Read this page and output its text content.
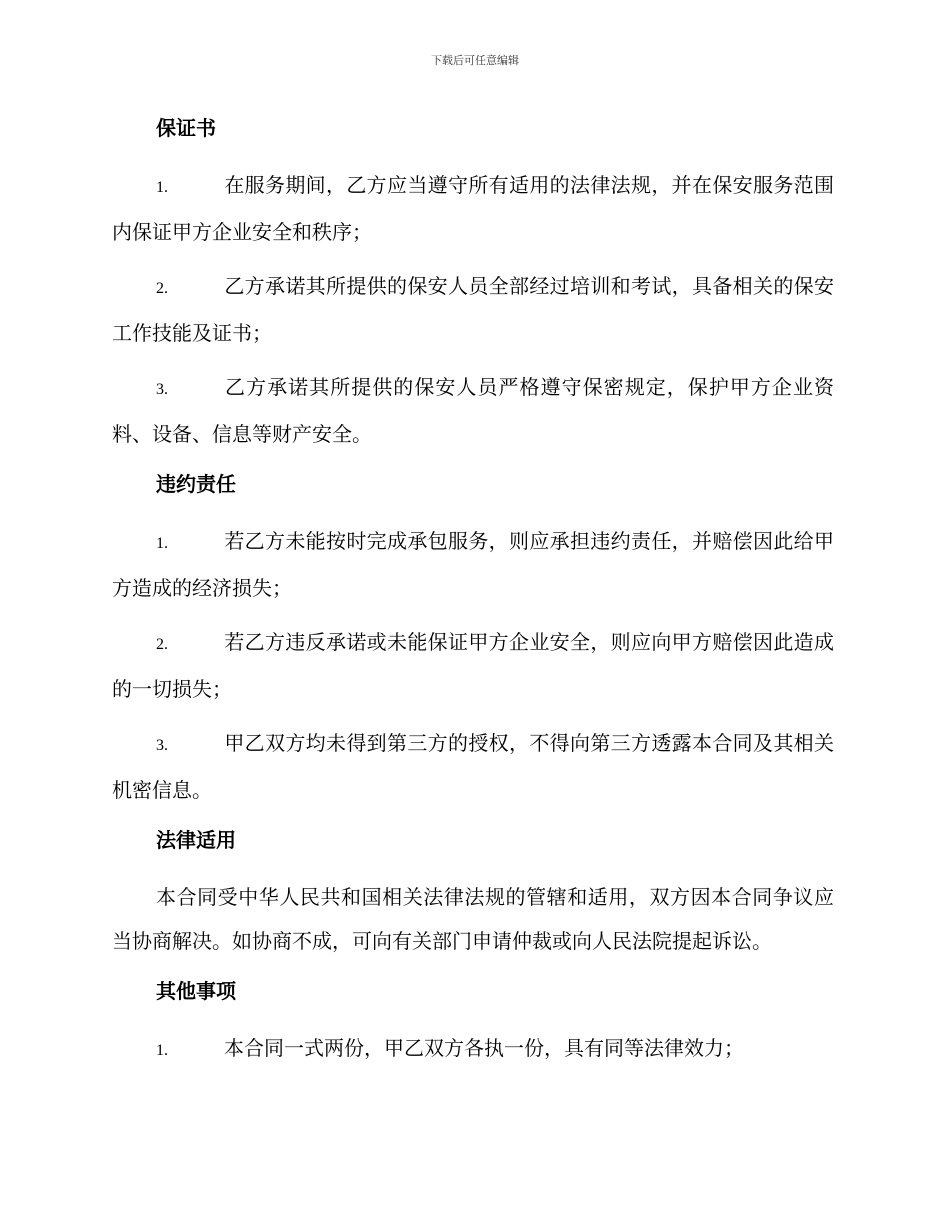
下载后可任意编辑
保证书
1.	在服务期间，乙方应当遵守所有适用的法律法规，并在保安服务范围内保证甲方企业安全和秩序；
2.	乙方承诺其所提供的保安人员全部经过培训和考试，具备相关的保安工作技能及证书；
3.	乙方承诺其所提供的保安人员严格遵守保密规定，保护甲方企业资料、设备、信息等财产安全。
违约责任
1.	若乙方未能按时完成承包服务，则应承担违约责任，并赔偿因此给甲方造成的经济损失；
2.	若乙方违反承诺或未能保证甲方企业安全，则应向甲方赔偿因此造成的一切损失；
3.	甲乙双方均未得到第三方的授权，不得向第三方透露本合同及其相关机密信息。
法律适用
本合同受中华人民共和国相关法律法规的管辖和适用，双方因本合同争议应当协商解决。如协商不成，可向有关部门申请仲裁或向人民法院提起诉讼。
其他事项
1.	本合同一式两份，甲乙双方各执一份，具有同等法律效力；
